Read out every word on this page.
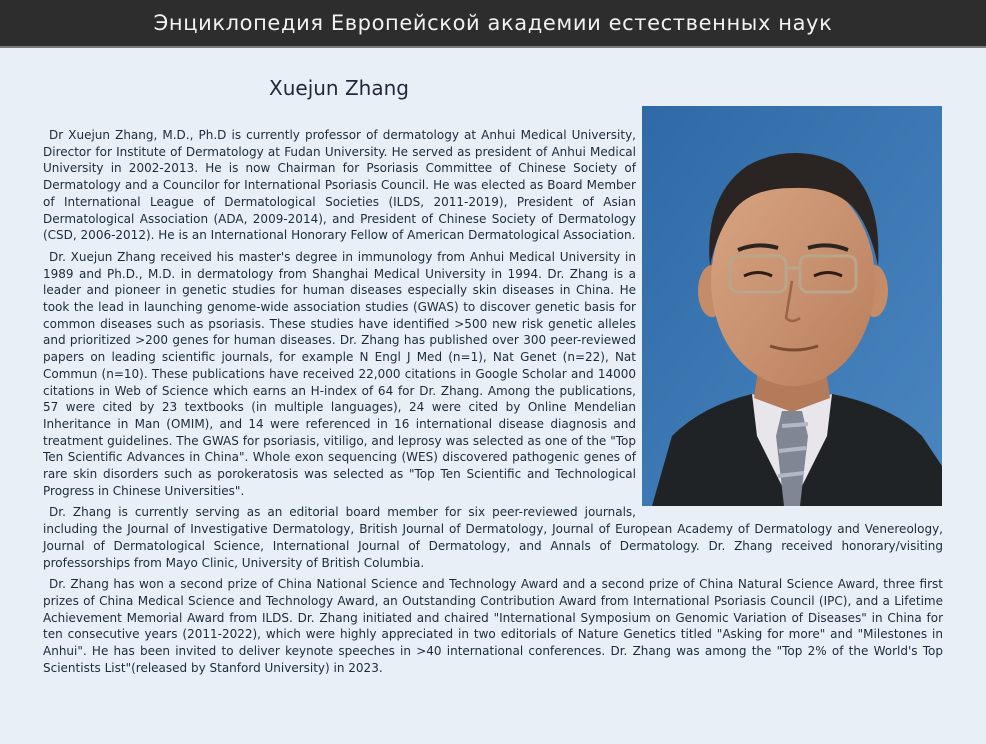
Энциклопедия Европейской академии естественных наук
Xuejun Zhang

Dr Xuejun Zhang, M.D., Ph.D is currently professor of dermatology at Anhui Medical University, Director for Institute of Dermatology at Fudan University. He served as president of Anhui Medical University in 2002-2013. He is now Chairman for Psoriasis Committee of Chinese Society of Dermatology and a Councilor for International Psoriasis Council. He was elected as Board Member of International League of Dermatological Societies (ILDS, 2011-2019), President of Asian Dermatological Association (ADA, 2009-2014), and President of Chinese Society of Dermatology (CSD, 2006-2012). He is an International Honorary Fellow of American Dermatological Association.

Dr. Xuejun Zhang received his master's degree in immunology from Anhui Medical University in 1989 and Ph.D., M.D. in dermatology from Shanghai Medical University in 1994. Dr. Zhang is a leader and pioneer in genetic studies for human diseases especially skin diseases in China. He took the lead in launching genome-wide association studies (GWAS) to discover genetic basis for common diseases such as psoriasis. These studies have identified >500 new risk genetic alleles and prioritized >200 genes for human diseases. Dr. Zhang has published over 300 peer-reviewed papers on leading scientific journals, for example N Engl J Med (n=1), Nat Genet (n=22), Nat Commun (n=10). These publications have received 22,000 citations in Google Scholar and 14000 citations in Web of Science which earns an H-index of 64 for Dr. Zhang. Among the publications, 57 were cited by 23 textbooks (in multiple languages), 24 were cited by Online Mendelian Inheritance in Man (OMIM), and 14 were referenced in 16 international disease diagnosis and treatment guidelines. The GWAS for psoriasis, vitiligo, and leprosy was selected as one of the "Top Ten Scientific Advances in China". Whole exon sequencing (WES) discovered pathogenic genes of rare skin disorders such as porokeratosis was selected as "Top Ten Scientific and Technological Progress in Chinese Universities".

Dr. Zhang is currently serving as an editorial board member for six peer-reviewed journals, including the Journal of Investigative Dermatology, British Journal of Dermatology, Journal of European Academy of Dermatology and Venereology, Journal of Dermatological Science, International Journal of Dermatology, and Annals of Dermatology. Dr. Zhang received honorary/visiting professorships from Mayo Clinic, University of British Columbia.

Dr. Zhang has won a second prize of China National Science and Technology Award and a second prize of China Natural Science Award, three first prizes of China Medical Science and Technology Award, an Outstanding Contribution Award from International Psoriasis Council (IPC), and a Lifetime Achievement Memorial Award from ILDS. Dr. Zhang initiated and chaired "International Symposium on Genomic Variation of Diseases" in China for ten consecutive years (2011-2022), which were highly appreciated in two editorials of Nature Genetics titled "Asking for more" and "Milestones in Anhui". He has been invited to deliver keynote speeches in >40 international conferences. Dr. Zhang was among the "Top 2% of the World's Top Scientists List"(released by Stanford University) in 2023.
